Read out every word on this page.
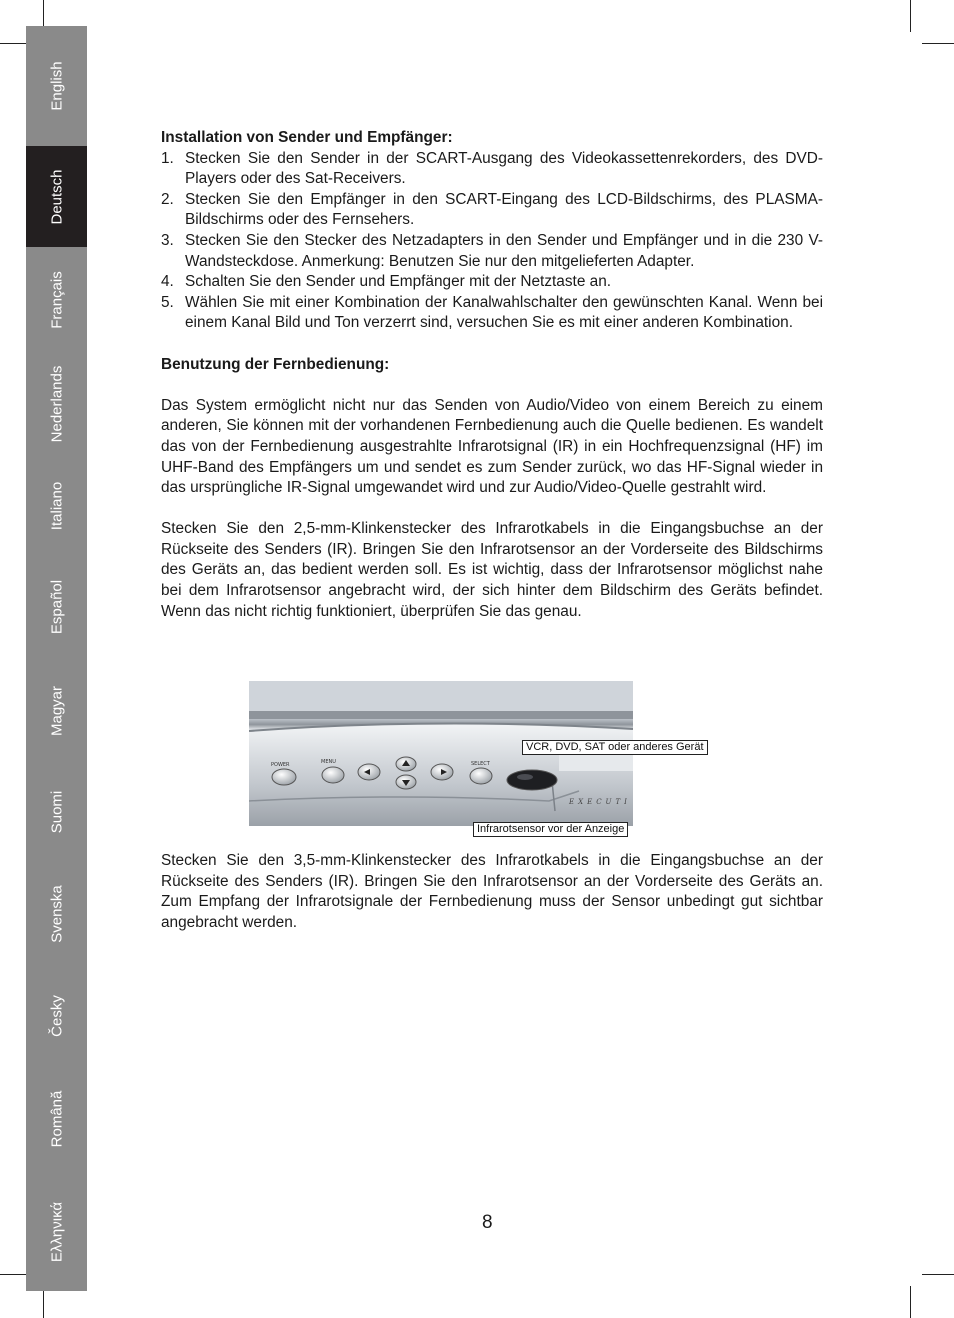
English
Deutsch
Français
Nederlands
Italiano
Español
Magyar
Suomi
Svenska
Česky
Română
Ελληνικά
Installation von Sender und Empfänger:
1. Stecken Sie den Sender in der SCART-Ausgang des Videokassettenrekorders, des DVD-Players oder des Sat-Receivers.
2. Stecken Sie den Empfänger in den SCART-Eingang des LCD-Bildschirms, des PLASMA-Bildschirms oder des Fernsehers.
3. Stecken Sie den Stecker des Netzadapters in den Sender und Empfänger und in die 230 V-Wandsteckdose. Anmerkung: Benutzen Sie nur den mitgelieferten Adapter.
4. Schalten Sie den Sender und Empfänger mit der Netztaste an.
5. Wählen Sie mit einer Kombination der Kanalwahlschalter den gewünschten Kanal. Wenn bei einem Kanal Bild und Ton verzerrt sind, versuchen Sie es mit einer anderen Kombination.
Benutzung der Fernbedienung:

Das System ermöglicht nicht nur das Senden von Audio/Video von einem Bereich zu einem anderen, Sie können mit der vorhandenen Fernbedienung auch die Quelle bedienen. Es wandelt das von der Fernbedienung ausgestrahlte Infrarotsignal (IR) in ein Hochfrequenzsignal (HF) im UHF-Band des Empfängers um und sendet es zum Sender zurück, wo das HF-Signal wieder in das ursprüngliche IR-Signal umgewandet wird und zur Audio/Video-Quelle gestrahlt wird.

Stecken Sie den 2,5-mm-Klinkenstecker des Infrarotkabels in die Eingangsbuchse an der Rückseite des Senders (IR). Bringen Sie den Infrarotsensor an der Vorderseite des Bildschirms des Geräts an, das bedient werden soll. Es ist wichtig, dass der Infrarotsensor möglichst nahe bei dem Infrarotsensor angebracht wird, der sich hinter dem Bildschirm des Geräts befindet. Wenn das nicht richtig funktioniert, überprüfen Sie das genau.

POWER	MENU	SELECT
EXECUTI
VCR, DVD, SAT oder anderes Gerät
Infrarotsensor vor der Anzeige

Stecken Sie den 3,5-mm-Klinkenstecker des Infrarotkabels in die Eingangsbuchse an der Rückseite des Senders (IR). Bringen Sie den Infrarotsensor an der Vorderseite des Geräts an. Zum Empfang der Infrarotsignale der Fernbedienung muss der Sensor unbedingt gut sichtbar angebracht werden.

8
